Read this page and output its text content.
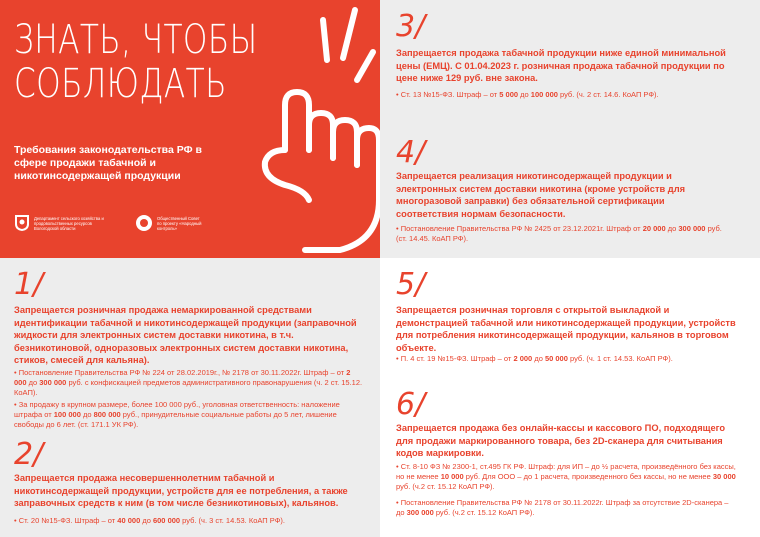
ЗНАТЬ, ЧТОБЫ
СОБЛЮДАТЬ
Требования законодательства РФ в сфере продажи табачной и никотинсодержащей продукции
Департамент сельского хозяйства и продовольственных ресурсов Вологодской области
Общественный Совет по проекту «Народный контроль»
3/
Запрещается продажа табачной продукции ниже единой минимальной цены (ЕМЦ). С 01.04.2023 г. розничная продажа табачной продукции по цене ниже 129 руб. вне закона.
• Ст. 13 №15-ФЗ. Штраф – от 5 000 до 100 000 руб. (ч. 2 ст. 14.6. КоАП РФ).
4/
Запрещается реализация никотинсодержащей продукции и электронных систем доставки никотина (кроме устройств для многоразовой заправки) без обязательной сертификации соответствия нормам безопасности.
• Постановление Правительства РФ № 2425 от 23.12.2021г. Штраф от 20 000 до 300 000 руб. (ст. 14.45. КоАП РФ).
1/
Запрещается розничная продажа немаркированной средствами идентификации табачной и никотинсодержащей продукции (заправочной жидкости для электронных систем доставки никотина, в т.ч. безникотиновой, одноразовых электронных систем доставки никотина, стиков, смесей для кальяна).
• Постановление Правительства РФ № 224 от 28.02.2019г., № 2178 от 30.11.2022г. Штраф – от 2 000 до 300 000 руб. с конфискацией предметов административного правонарушения (ч. 2 ст. 15.12. КоАП).
• За продажу в крупном размере, более 100 000 руб., уголовная ответственность: наложение штрафа от 100 000 до 800 000 руб., принудительные социальные работы до 5 лет, лишение свободы до 6 лет. (ст. 171.1 УК РФ).
2/
Запрещается продажа несовершеннолетним табачной и никотинсодержащей продукции, устройств для ее потребления, а также заправочных средств к ним (в том числе безникотиновых), кальянов.
• Ст. 20 №15-ФЗ. Штраф – от 40 000 до 600 000 руб. (ч. 3 ст. 14.53. КоАП РФ).
5/
Запрещается розничная торговля с открытой выкладкой и демонстрацией табачной или никотинсодержащей продукции, устройств для потребления никотинсодержащей продукции, кальянов в торговом объекте.
• П. 4 ст. 19 №15-ФЗ. Штраф – от 2 000 до 50 000 руб. (ч. 1 ст. 14.53. КоАП РФ).
6/
Запрещается продажа без онлайн-кассы и кассового ПО, подходящего для продажи маркированного товара, без 2D-сканера для считывания кодов маркировки.
• Ст. 8-10 ФЗ № 2300-1, ст.495 ГК РФ. Штраф: для ИП – до ½ расчета, произведённого без кассы, но не менее 10 000 руб. Для ООО – до 1 расчета, произведенного без кассы, но не менее 30 000 руб. (ч.2 ст. 15.12 КоАП РФ).
• Постановление Правительства РФ № 2178 от 30.11.2022г. Штраф за отсутствие 2D-сканера – до 300 000 руб. (ч.2 ст. 15.12 КоАП РФ).
